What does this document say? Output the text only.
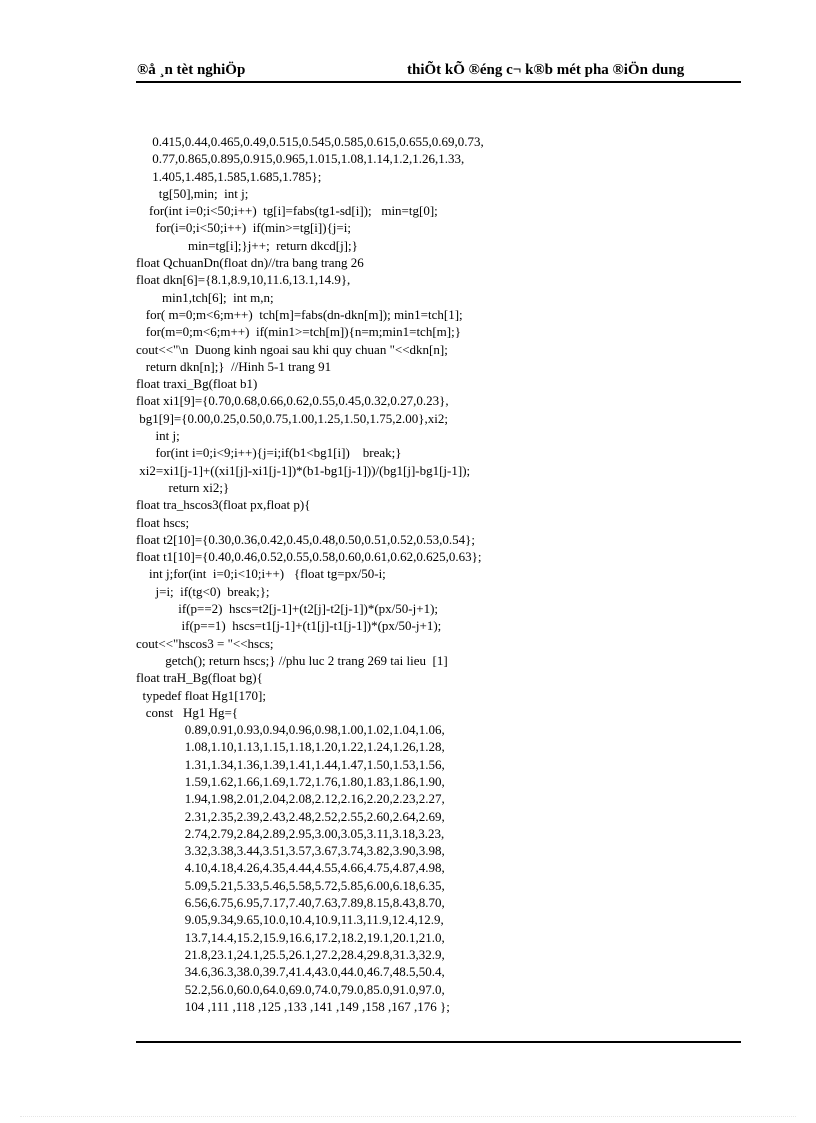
®å ¸n tèt nghiÖp	thiÕt kÕ ®éng c¬ k®b mét pha ®iÖn dung
0.415,0.44,0.465,0.49,0.515,0.545,0.585,0.615,0.655,0.69,0.73,
0.77,0.865,0.895,0.915,0.965,1.015,1.08,1.14,1.2,1.26,1.33,
1.405,1.485,1.585,1.685,1.785};
tg[50],min;  int j;
for(int i=0;i<50;i++)  tg[i]=fabs(tg1-sd[i]);   min=tg[0];
for(i=0;i<50;i++)  if(min>=tg[i]){j=i;
min=tg[i];}j++;  return dkcd[j];}
float QchuanDn(float dn)//tra bang trang 26
float dkn[6]={8.1,8.9,10,11.6,13.1,14.9},
min1,tch[6];  int m,n;
for( m=0;m<6;m++)  tch[m]=fabs(dn-dkn[m]); min1=tch[1];
for(m=0;m<6;m++)  if(min1>=tch[m]){n=m;min1=tch[m];}
cout<<"\n  Duong kinh ngoai sau khi quy chuan "<<dkn[n];
return dkn[n];}  //Hinh 5-1 trang 91
float traxi_Bg(float b1)
float xi1[9]={0.70,0.68,0.66,0.62,0.55,0.45,0.32,0.27,0.23},
bg1[9]={0.00,0.25,0.50,0.75,1.00,1.25,1.50,1.75,2.00},xi2;
int j;
for(int i=0;i<9;i++){j=i;if(b1<bg1[i])    break;}
xi2=xi1[j-1]+((xi1[j]-xi1[j-1])*(b1-bg1[j-1]))/(bg1[j]-bg1[j-1]);
return xi2;}
float tra_hscos3(float px,float p){
float hscs;
float t2[10]={0.30,0.36,0.42,0.45,0.48,0.50,0.51,0.52,0.53,0.54};
float t1[10]={0.40,0.46,0.52,0.55,0.58,0.60,0.61,0.62,0.625,0.63};
int j;for(int  i=0;i<10;i++)   {float tg=px/50-i;
j=i;  if(tg<0)  break;};
if(p==2)  hscs=t2[j-1]+(t2[j]-t2[j-1])*(px/50-j+1);
if(p==1)  hscs=t1[j-1]+(t1[j]-t1[j-1])*(px/50-j+1);
cout<<"hscos3 = "<<hscs;
getch(); return hscs;} //phu luc 2 trang 269 tai lieu  [1]
float traH_Bg(float bg){
typedef float Hg1[170];
const   Hg1 Hg={
0.89,0.91,0.93,0.94,0.96,0.98,1.00,1.02,1.04,1.06,
1.08,1.10,1.13,1.15,1.18,1.20,1.22,1.24,1.26,1.28,
1.31,1.34,1.36,1.39,1.41,1.44,1.47,1.50,1.53,1.56,
1.59,1.62,1.66,1.69,1.72,1.76,1.80,1.83,1.86,1.90,
1.94,1.98,2.01,2.04,2.08,2.12,2.16,2.20,2.23,2.27,
2.31,2.35,2.39,2.43,2.48,2.52,2.55,2.60,2.64,2.69,
2.74,2.79,2.84,2.89,2.95,3.00,3.05,3.11,3.18,3.23,
3.32,3.38,3.44,3.51,3.57,3.67,3.74,3.82,3.90,3.98,
4.10,4.18,4.26,4.35,4.44,4.55,4.66,4.75,4.87,4.98,
5.09,5.21,5.33,5.46,5.58,5.72,5.85,6.00,6.18,6.35,
6.56,6.75,6.95,7.17,7.40,7.63,7.89,8.15,8.43,8.70,
9.05,9.34,9.65,10.0,10.4,10.9,11.3,11.9,12.4,12.9,
13.7,14.4,15.2,15.9,16.6,17.2,18.2,19.1,20.1,21.0,
21.8,23.1,24.1,25.5,26.1,27.2,28.4,29.8,31.3,32.9,
34.6,36.3,38.0,39.7,41.4,43.0,44.0,46.7,48.5,50.4,
52.2,56.0,60.0,64.0,69.0,74.0,79.0,85.0,91.0,97.0,
104 ,111 ,118 ,125 ,133 ,141 ,149 ,158 ,167 ,176 };
